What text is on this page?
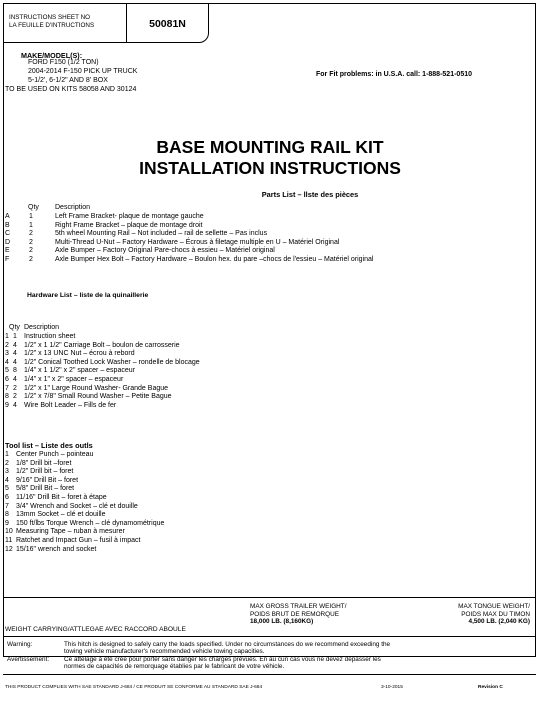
INSTRUCTIONS SHEET NO
LA FEUILLE D'INTRUCTIONS	50081N
MAKE/MODEL(S):
FORD F150 (1/2 TON)
2004-2014 F-150 PICK UP TRUCK
5-1/2', 6-1/2" AND 8' BOX
TO BE USED ON KITS 58058 AND 30124
For Fit problems: in U.S.A. call: 1-888-521-0510
BASE MOUNTING RAIL KIT
INSTALLATION INSTRUCTIONS
Parts List – llste des pièces
Qty Description
A	1	Left Frame Bracket- plaque de montage gauche
B	1	Right Frame Bracket – plaque de montage droit
C	2	5th wheel Mounting Rail – Not included – rail de sellette – Pas inclus
D	2	Multi-Thread U-Nut – Factory Hardware – Écrous à filetage multiple en U – Matériel Original
E	2	Axle Bumper – Factory Original Pare-chocs à essieu – Matériel original
F	2	Axle Bumper Hex Bolt – Factory Hardware – Boulon hex. du pare –chocs de l'essieu – Matériel original
Hardware List – liste de la quinaillerie
Qty Description
1 1 Instruction sheet
2 4 1/2" x 1 1/2" Carriage Bolt – boulon de carrosserie
3 4 1/2" x 13 UNC Nut – écrou à rebord
4 4 1/2" Conical Toothed Lock Washer – rondelle de blocage
5 8 1/4" x 1 1/2" x 2" spacer – espaceur
6 4 1/4" x 1" x 2" spacer – espaceur
7 2 1/2" x 1" Large Round Washer- Grande Bague
8 2 1/2" x 7/8" Small Round Washer – Petite Bague
9 4 Wire Bolt Leader – Fills de fer
Tool list – Liste des outls
1 Center Punch – pointeau
2 1/8" Drill bit –foret
3 1/2" Drill bit – foret
4 9/16" Drill Bit – foret
5 5/8" Drill Bit – foret
6 11/16" Drill Bit – foret à étape
7 3/4" Wrench and Socket – clé et douille
8 13mm Socket – clé et douille
9 150 ft/lbs Torque Wrench – clé dynamométrique
10 Measuring Tape – ruban à mesurer
11 Ratchet and Impact Gun – fusil à impact
12 15/16" wrench and socket
MAX GROSS TRAILER WEIGHT/
POIDS BRUT DE REMORQUE
18,000 LB. (8,160KG)
MAX TONGUE WEIGHT/
POIDS MAX DU TIMON
4,500 LB. (2,040 KG)
WEIGHT CARRYING/ATTLEGAE AVEC RACCORD ABOULE
Warning:	This hitch is designed to safely carry the loads specified. Under no circumstances do we recommend exceeding the
towing vehicle manufacturer's recommended vehicle towing capacities.
Avertissement: Ce attelage à été crée pour porter sans danger les charges prévues. En au cun cas vous ne devez dépasser les
normes de capacités de remorquage établies par le fabricant de votre véhicle.
THIS PRODUCT COMPLIES WITH SAE STANDARD J-684 / CE PRODUIT SE CONFORME AU STANDARD SAE J-684	3-10-2015	Revision C
